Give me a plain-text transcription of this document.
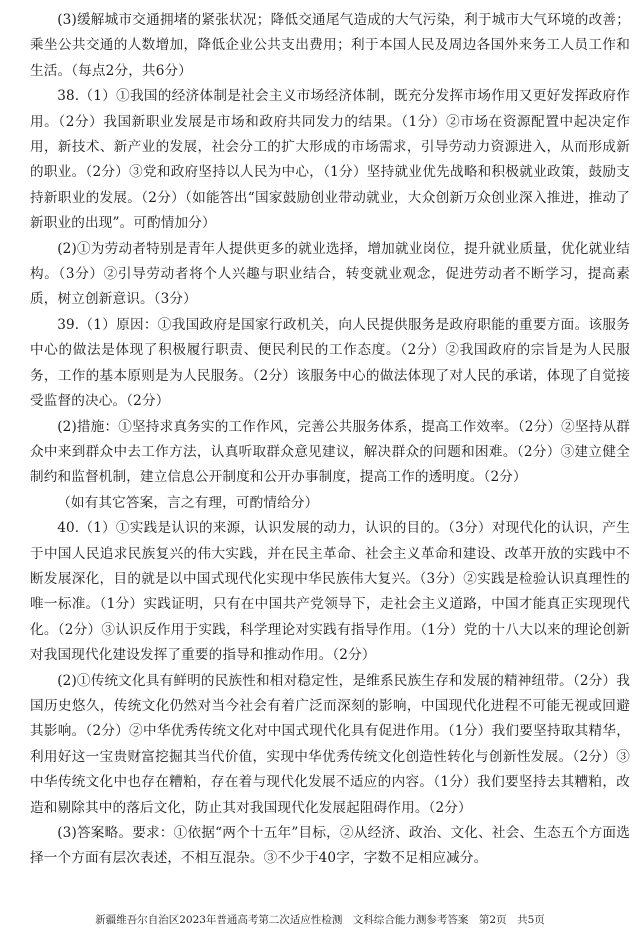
(3)缓解城市交通拥堵的紧张状况；降低交通尾气造成的大气污染，利于城市大气环境的改善；乘坐公共交通的人数增加，降低企业公共支出费用；利于本国人民及周边各国外来务工人员工作和生活。（每点2分，共6分）

38.（1）①我国的经济体制是社会主义市场经济体制，既充分发挥市场作用又更好发挥政府作用。（2分）我国新职业发展是市场和政府共同发力的结果。（1分）②市场在资源配置中起决定作用，新技术、新产业的发展，社会分工的扩大形成的市场需求，引导劳动力资源进入，从而形成新的职业。（2分）③党和政府坚持以人民为中心，（1分）坚持就业优先战略和积极就业政策，鼓励支持新职业的发展。（2分）（如能答出“国家鼓励创业带动就业，大众创新万众创业深入推进，推动了新职业的出现”。可酌情加分）

(2)①为劳动者特别是青年人提供更多的就业选择，增加就业岗位，提升就业质量，优化就业结构。（3分）②引导劳动者将个人兴趣与职业结合，转变就业观念，促进劳动者不断学习，提高素质，树立创新意识。（3分）

39.（1）原因：①我国政府是国家行政机关，向人民提供服务是政府职能的重要方面。该服务中心的做法是体现了积极履行职责、便民利民的工作态度。（2分）②我国政府的宗旨是为人民服务，工作的基本原则是为人民服务。（2分）该服务中心的做法体现了对人民的承诺，体现了自觉接受监督的决心。（2分）

(2)措施：①坚持求真务实的工作作风，完善公共服务体系，提高工作效率。（2分）②坚持从群众中来到群众中去工作方法，认真听取群众意见建议，解决群众的问题和困难。（2分）③建立健全制约和监督机制，建立信息公开制度和公开办事制度，提高工作的透明度。（2分）

（如有其它答案，言之有理，可酌情给分）

40.（1）①实践是认识的来源，认识发展的动力，认识的目的。（3分）对现代化的认识，产生于中国人民追求民族复兴的伟大实践，并在民主革命、社会主义革命和建设、改革开放的实践中不断发展深化，目的就是以中国式现代化实现中华民族伟大复兴。（3分）②实践是检验认识真理性的唯一标准。（1分）实践证明，只有在中国共产党领导下，走社会主义道路，中国才能真正实现现代化。（2分）③认识反作用于实践，科学理论对实践有指导作用。（1分）党的十八大以来的理论创新对我国现代化建设发挥了重要的指导和推动作用。（2分）

(2)①传统文化具有鲜明的民族性和相对稳定性，是维系民族生存和发展的精神纽带。（2分）我国历史悠久，传统文化仍然对当今社会有着广泛而深刻的影响，中国现代化进程不可能无视或回避其影响。（2分）②中华优秀传统文化对中国式现代化具有促进作用。（1分）我们要坚持取其精华，利用好这一宝贵财富挖掘其当代价值，实现中华优秀传统文化创造性转化与创新性发展。（2分）③中华传统文化中也存在糟粕，存在着与现代化发展不适应的内容。（1分）我们要坚持去其糟粕，改造和剔除其中的落后文化，防止其对我国现代化发展起阻碍作用。（2分）

(3)答案略。要求：①依据“两个十五年”目标，②从经济、政治、文化、社会、生态五个方面选择一个方面有层次表述，不相互混杂。③不少于40字，字数不足相应减分。

新疆维吾尔自治区2023年普通高考第二次适应性检测　文科综合能力测参考答案　第2页　共5页
